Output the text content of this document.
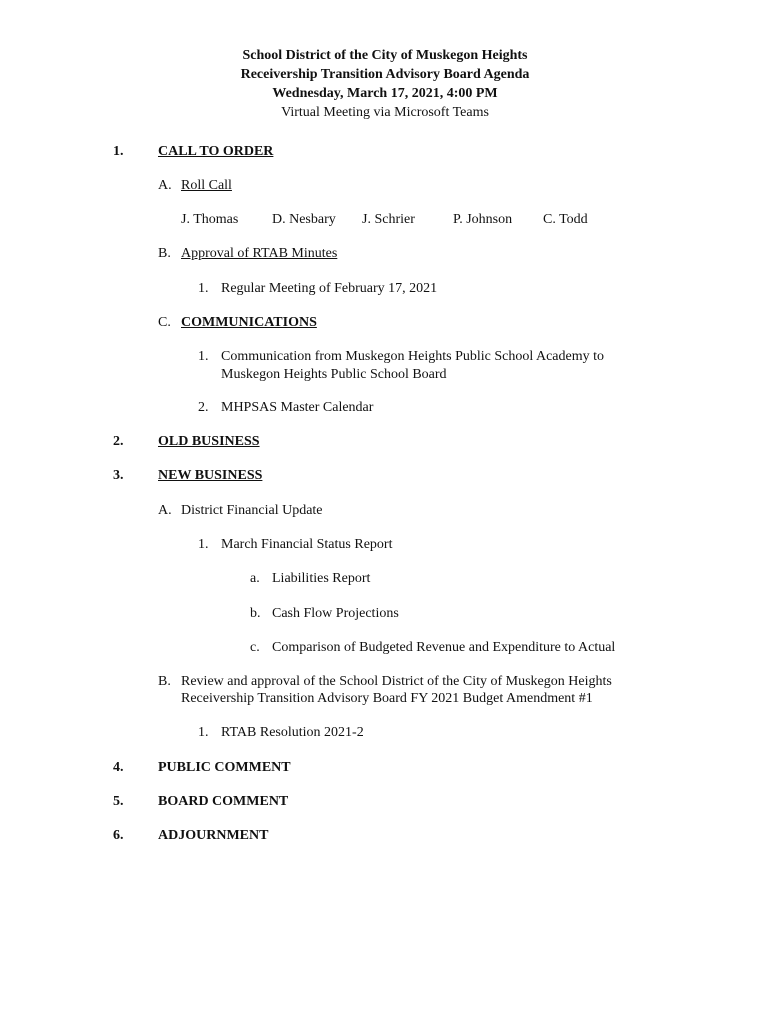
School District of the City of Muskegon Heights
Receivership Transition Advisory Board Agenda
Wednesday, March 17, 2021, 4:00 PM
Virtual Meeting via Microsoft Teams
1. CALL TO ORDER
A. Roll Call
J. Thomas D. Nesbary J. Schrier	P. Johnson C. Todd
B. Approval of RTAB Minutes
1. Regular Meeting of February 17, 2021
C. COMMUNICATIONS
1. Communication from Muskegon Heights Public School Academy to
Muskegon Heights Public School Board
2. MHPSAS Master Calendar
2. OLD BUSINESS
3. NEW BUSINESS
A. District Financial Update
1. March Financial Status Report
a. Liabilities Report
b. Cash Flow Projections
c. Comparison of Budgeted Revenue and Expenditure to Actual
B. Review and approval of the School District of the City of Muskegon Heights
Receivership Transition Advisory Board FY 2021 Budget Amendment #1
1. RTAB Resolution 2021-2
4. PUBLIC COMMENT
5. BOARD COMMENT
6. ADJOURNMENT
